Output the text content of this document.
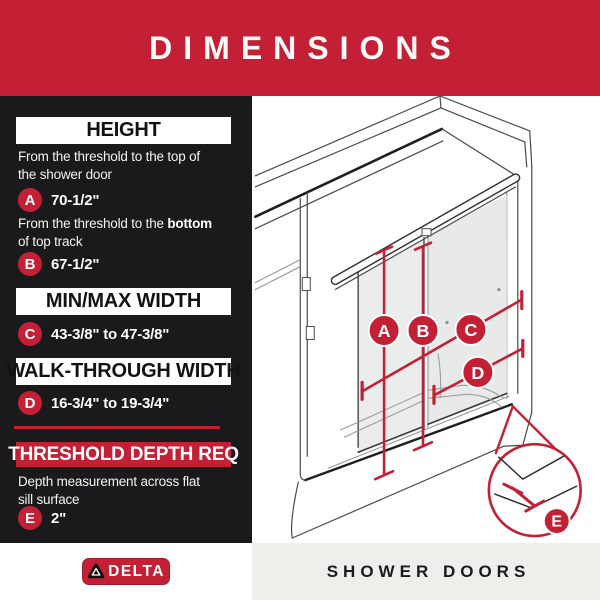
DIMENSIONS
HEIGHT
From the threshold to the top of
the shower door
A	70-1/2"
From the threshold to the bottom
of top track
B	67-1/2"
MIN/MAX WIDTH
C	43-3/8" to 47-3/8"
WALK-THROUGH WIDTH
D	16-3/4" to 19-3/4"
THRESHOLD DEPTH REQ
Depth measurement across flat
sill surface
E	2"
A B C
D
E
DELTA	SHOWER DOORS
